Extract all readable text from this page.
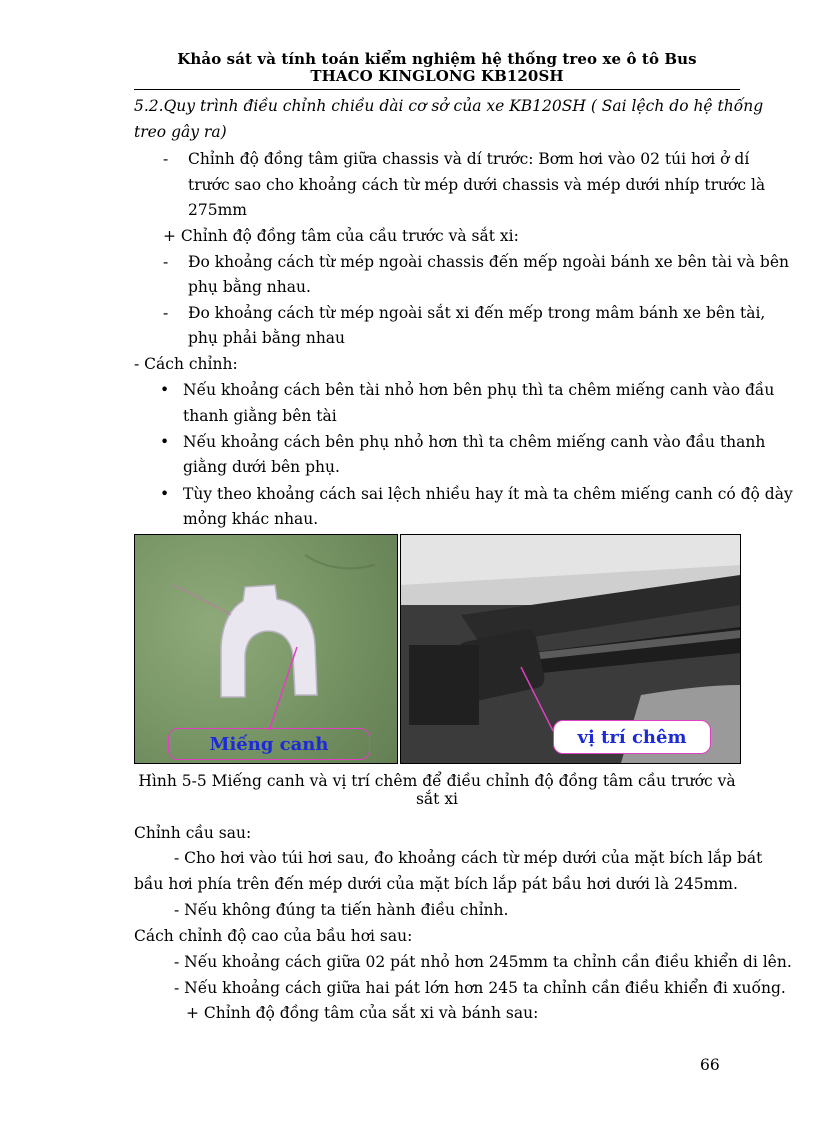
Khảo sát và tính toán kiểm nghiệm hệ thống treo xe ô tô Bus
THACO KINGLONG KB120SH
5.2.Quy trình điều chỉnh chiều dài cơ sở của xe KB120SH ( Sai lệch do hệ thống
treo gây ra)
- Chỉnh độ đồng tâm giữa chassis và dí trước: Bơm hơi vào 02 túi hơi ở dí
trước sao cho khoảng cách từ mép dưới chassis và mép dưới nhíp trước là
275mm
+ Chỉnh độ đồng tâm của cầu trước và sắt xi:
- Đo khoảng cách từ mép ngoài chassis đến mếp ngoài bánh xe bên tài và bên
phụ bằng nhau.
- Đo khoảng cách từ mép ngoài sắt xi đến mếp trong mâm bánh xe bên tài,
phụ phải bằng nhau
- Cách chỉnh:
• Nếu khoảng cách bên tài nhỏ hơn bên phụ thì ta chêm miếng canh vào đầu
thanh giằng bên tài
• Nếu khoảng cách bên phụ nhỏ hơn thì ta chêm miếng canh vào đầu thanh
giằng dưới bên phụ.
• Tùy theo khoảng cách sai lệch nhiều hay ít mà ta chêm miếng canh có độ dày
mỏng khác nhau.
Miếng canh	vị trí chêm
Hình 5-5 Miếng canh và vị trí chêm để điều chỉnh độ đồng tâm cầu trước và sắt xi
Chỉnh cầu sau:
- Cho hơi vào túi hơi sau, đo khoảng cách từ mép dưới của mặt bích lắp bát
bầu hơi phía trên đến mép dưới của mặt bích lắp pát bầu hơi dưới là 245mm.
- Nếu không đúng ta tiến hành điều chỉnh.
Cách chỉnh độ cao của bầu hơi sau:
- Nếu khoảng cách giữa 02 pát nhỏ hơn 245mm ta chỉnh cần điều khiển di lên.
- Nếu khoảng cách giữa hai pát lớn hơn 245 ta chỉnh cần điều khiển đi xuống.
+ Chỉnh độ đồng tâm của sắt xi và bánh sau:
66
